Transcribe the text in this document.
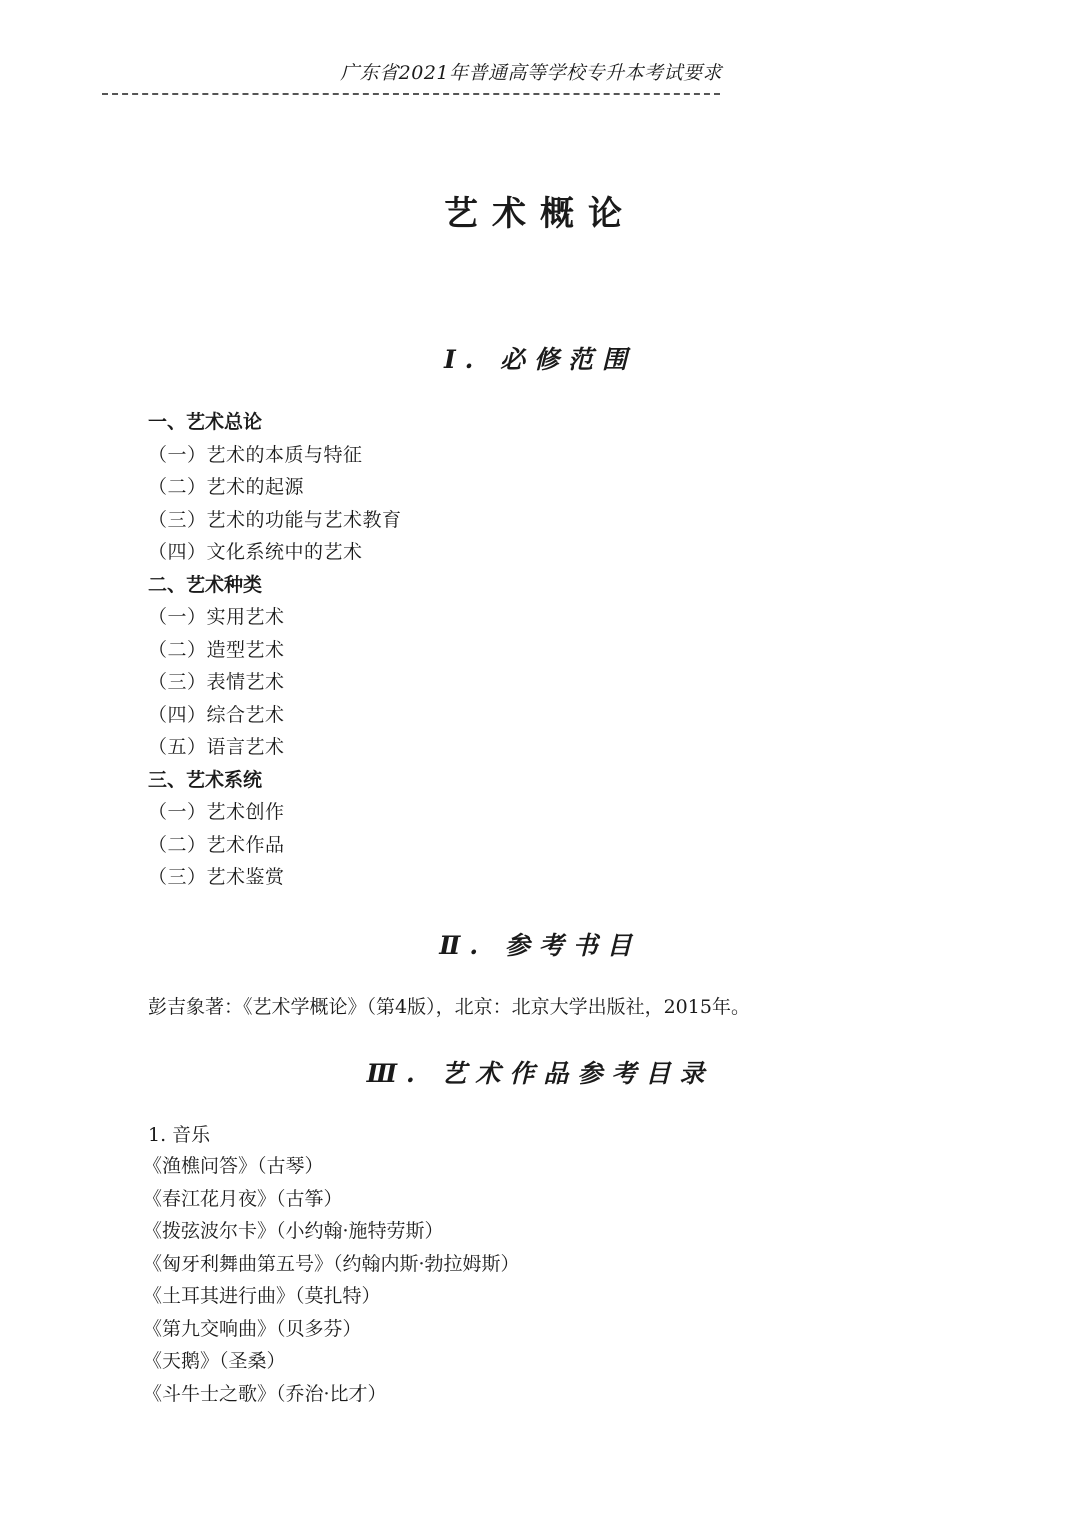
广东省2021年普通高等学校专升本考试要求
艺术概论
Ⅰ. 必修范围
一、艺术总论
（一）艺术的本质与特征
（二）艺术的起源
（三）艺术的功能与艺术教育
（四）文化系统中的艺术
二、艺术种类
（一）实用艺术
（二）造型艺术
（三）表情艺术
（四）综合艺术
（五）语言艺术
三、艺术系统
（一）艺术创作
（二）艺术作品
（三）艺术鉴赏
Ⅱ. 参考书目
彭吉象著：《艺术学概论》（第4版），北京：北京大学出版社，2015年。
Ⅲ. 艺术作品参考目录
1. 音乐
《渔樵问答》（古琴）
《春江花月夜》（古筝）
《拨弦波尔卡》（小约翰·施特劳斯）
《匈牙利舞曲第五号》（约翰内斯·勃拉姆斯）
《土耳其进行曲》（莫扎特）
《第九交响曲》（贝多芬）
《天鹅》（圣桑）
《斗牛士之歌》（乔治·比才）
